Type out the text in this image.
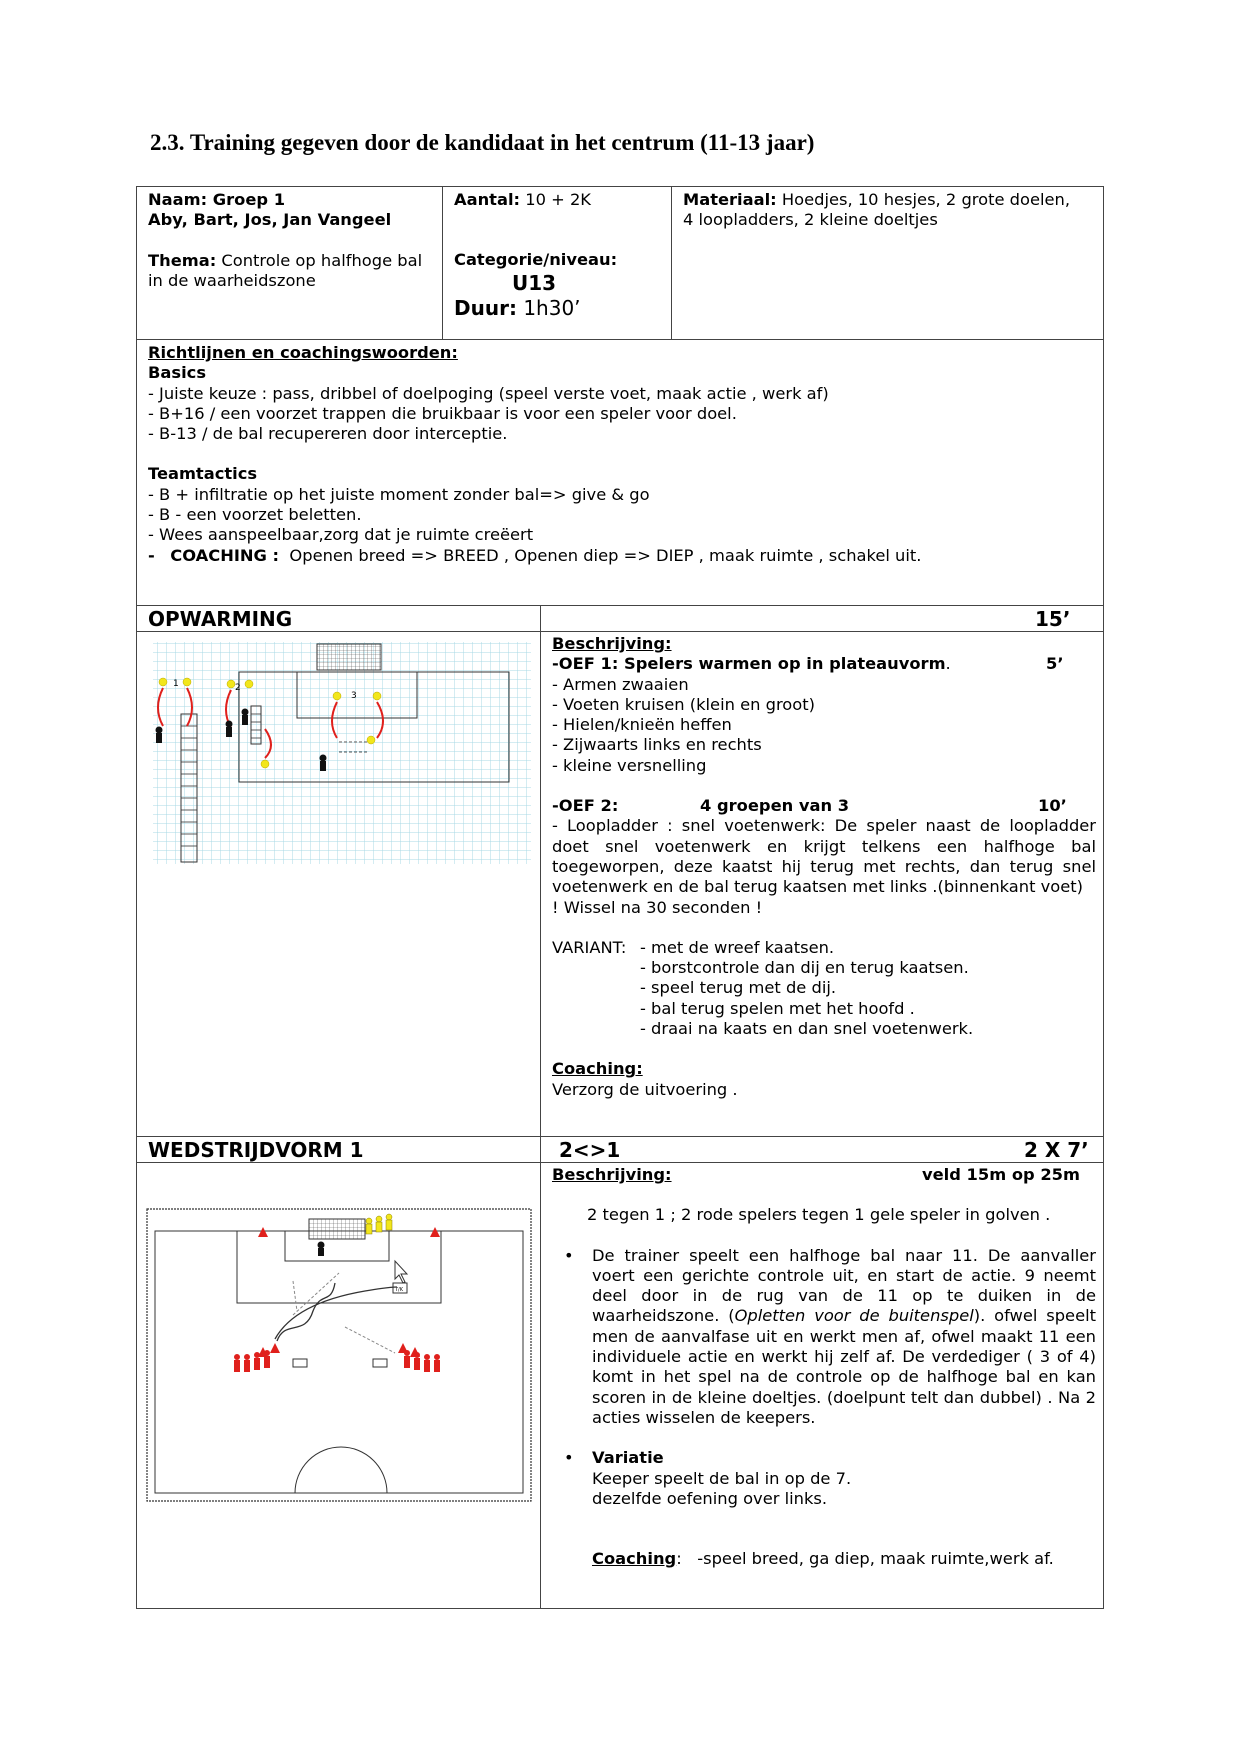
2.3. Training gegeven door de kandidaat in het centrum (11-13 jaar)
Naam: Groep 1
Aby, Bart, Jos, Jan Vangeel
Thema: Controle op halfhoge bal
in de waarheidszone
Aantal: 10 + 2K
Categorie/niveau:
U13
Duur: 1h30’
Materiaal: Hoedjes, 10 hesjes, 2 grote doelen,
4 loopladders, 2 kleine doeltjes
Richtlijnen en coachingswoorden:
Basics
- Juiste keuze : pass, dribbel of doelpoging (speel verste voet, maak actie , werk af)
- B+16 / een voorzet trappen die bruikbaar is voor een speler voor doel.
- B-13 / de bal recupereren door interceptie.
Teamtactics
- B + infiltratie op het juiste moment zonder bal=> give & go
- B - een voorzet beletten.
- Wees aanspeelbaar,zorg dat je ruimte creëert
- COACHING : Openen breed => BREED , Openen diep => DIEP , maak ruimte , schakel uit.
OPWARMING	15’
1	2
3
Beschrijving:
-OEF 1: Spelers warmen op in plateauvorm.	5’
- Armen zwaaien
- Voeten kruisen (klein en groot)
- Hielen/knieën heffen
- Zijwaarts links en rechts
- kleine versnelling
-OEF 2:	4 groepen van 3	10’
- Loopladder : snel voetenwerk: De speler naast de loopladder doet snel voetenwerk en krijgt telkens een halfhoge bal toegeworpen, deze kaatst hij terug met rechts, dan terug snel voetenwerk en de bal terug kaatsen met links .(binnenkant voet)
! Wissel na 30 seconden !
VARIANT: - met de wreef kaatsen.
- borstcontrole dan dij en terug kaatsen.
- speel terug met de dij.
- bal terug spelen met het hoofd .
- draai na kaats en dan snel voetenwerk.
Coaching:
Verzorg de uitvoering .
WEDSTRIJDVORM 1	2<>1	2 X 7’
T/K
Beschrijving:	veld 15m op 25m
2 tegen 1 ; 2 rode spelers tegen 1 gele speler in golven .
• De trainer speelt een halfhoge bal naar 11. De aanvaller voert een gerichte controle uit, en start de actie. 9 neemt deel door in de rug van de 11 op te duiken in de waarheidszone. (Opletten voor de buitenspel). ofwel speelt men de aanvalfase uit en werkt men af, ofwel maakt 11 een individuele actie en werkt hij zelf af. De verdediger ( 3 of 4) komt in het spel na de controle op de halfhoge bal en kan scoren in de kleine doeltjes. (doelpunt telt dan dubbel) . Na 2 acties wisselen de keepers.
• Variatie
Keeper speelt de bal in op de 7.
dezelfde oefening over links.
Coaching: -speel breed, ga diep, maak ruimte,werk af.
